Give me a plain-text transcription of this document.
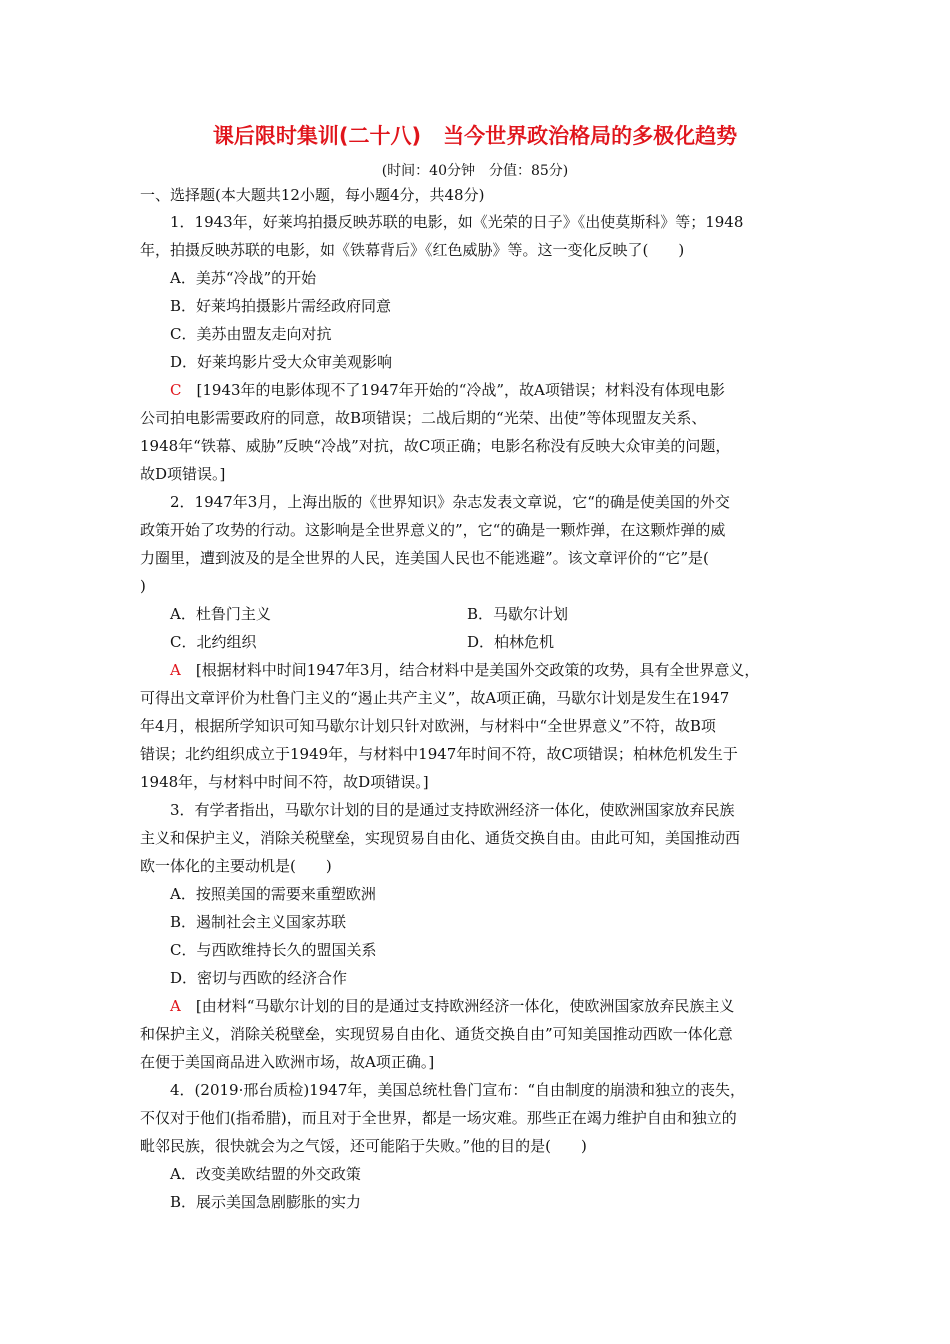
课后限时集训(二十八) 当今世界政治格局的多极化趋势
(时间：40分钟　分值：85分)
一、选择题(本大题共12小题，每小题4分，共48分)
1．1943年，好莱坞拍摄反映苏联的电影，如《光荣的日子》《出使莫斯科》等；1948
年，拍摄反映苏联的电影，如《铁幕背后》《红色威胁》等。这一变化反映了(　　)
A．美苏“冷战”的开始
B．好莱坞拍摄影片需经政府同意
C．美苏由盟友走向对抗
D．好莱坞影片受大众审美观影响
C　 [1943年的电影体现不了1947年开始的“冷战”，故A项错误；材料没有体现电影
公司拍电影需要政府的同意，故B项错误；二战后期的“光荣、出使”等体现盟友关系、
1948年“铁幕、威胁”反映“冷战”对抗，故C项正确；电影名称没有反映大众审美的问题，
故D项错误。]
2．1947年3月，上海出版的《世界知识》杂志发表文章说，它“的确是使美国的外交
政策开始了攻势的行动。这影响是全世界意义的”，它“的确是一颗炸弹，在这颗炸弹的威
力圈里，遭到波及的是全世界的人民，连美国人民也不能逃避”。该文章评价的“它”是(
)
A．杜鲁门主义	B．马歇尔计划
C．北约组织	D．柏林危机
A　 [根据材料中时间1947年3月，结合材料中是美国外交政策的攻势，具有全世界意义，
可得出文章评价为杜鲁门主义的“遏止共产主义”，故A项正确，马歇尔计划是发生在1947
年4月，根据所学知识可知马歇尔计划只针对欧洲，与材料中“全世界意义”不符，故B项
错误；北约组织成立于1949年，与材料中1947年时间不符，故C项错误；柏林危机发生于
1948年，与材料中时间不符，故D项错误。]
3．有学者指出，马歇尔计划的目的是通过支持欧洲经济一体化，使欧洲国家放弃民族
主义和保护主义，消除关税壁垒，实现贸易自由化、通货交换自由。由此可知，美国推动西
欧一体化的主要动机是(　　)
A．按照美国的需要来重塑欧洲
B．遏制社会主义国家苏联
C．与西欧维持长久的盟国关系
D．密切与西欧的经济合作
A　 [由材料“马歇尔计划的目的是通过支持欧洲经济一体化，使欧洲国家放弃民族主义
和保护主义，消除关税壁垒，实现贸易自由化、通货交换自由”可知美国推动西欧一体化意
在便于美国商品进入欧洲市场，故A项正确。]
4．(2019·邢台质检)1947年，美国总统杜鲁门宣布：“自由制度的崩溃和独立的丧失，
不仅对于他们(指希腊)，而且对于全世界，都是一场灾难。那些正在竭力维护自由和独立的
毗邻民族，很快就会为之气馁，还可能陷于失败。”他的目的是(　　)
A．改变美欧结盟的外交政策
B．展示美国急剧膨胀的实力
